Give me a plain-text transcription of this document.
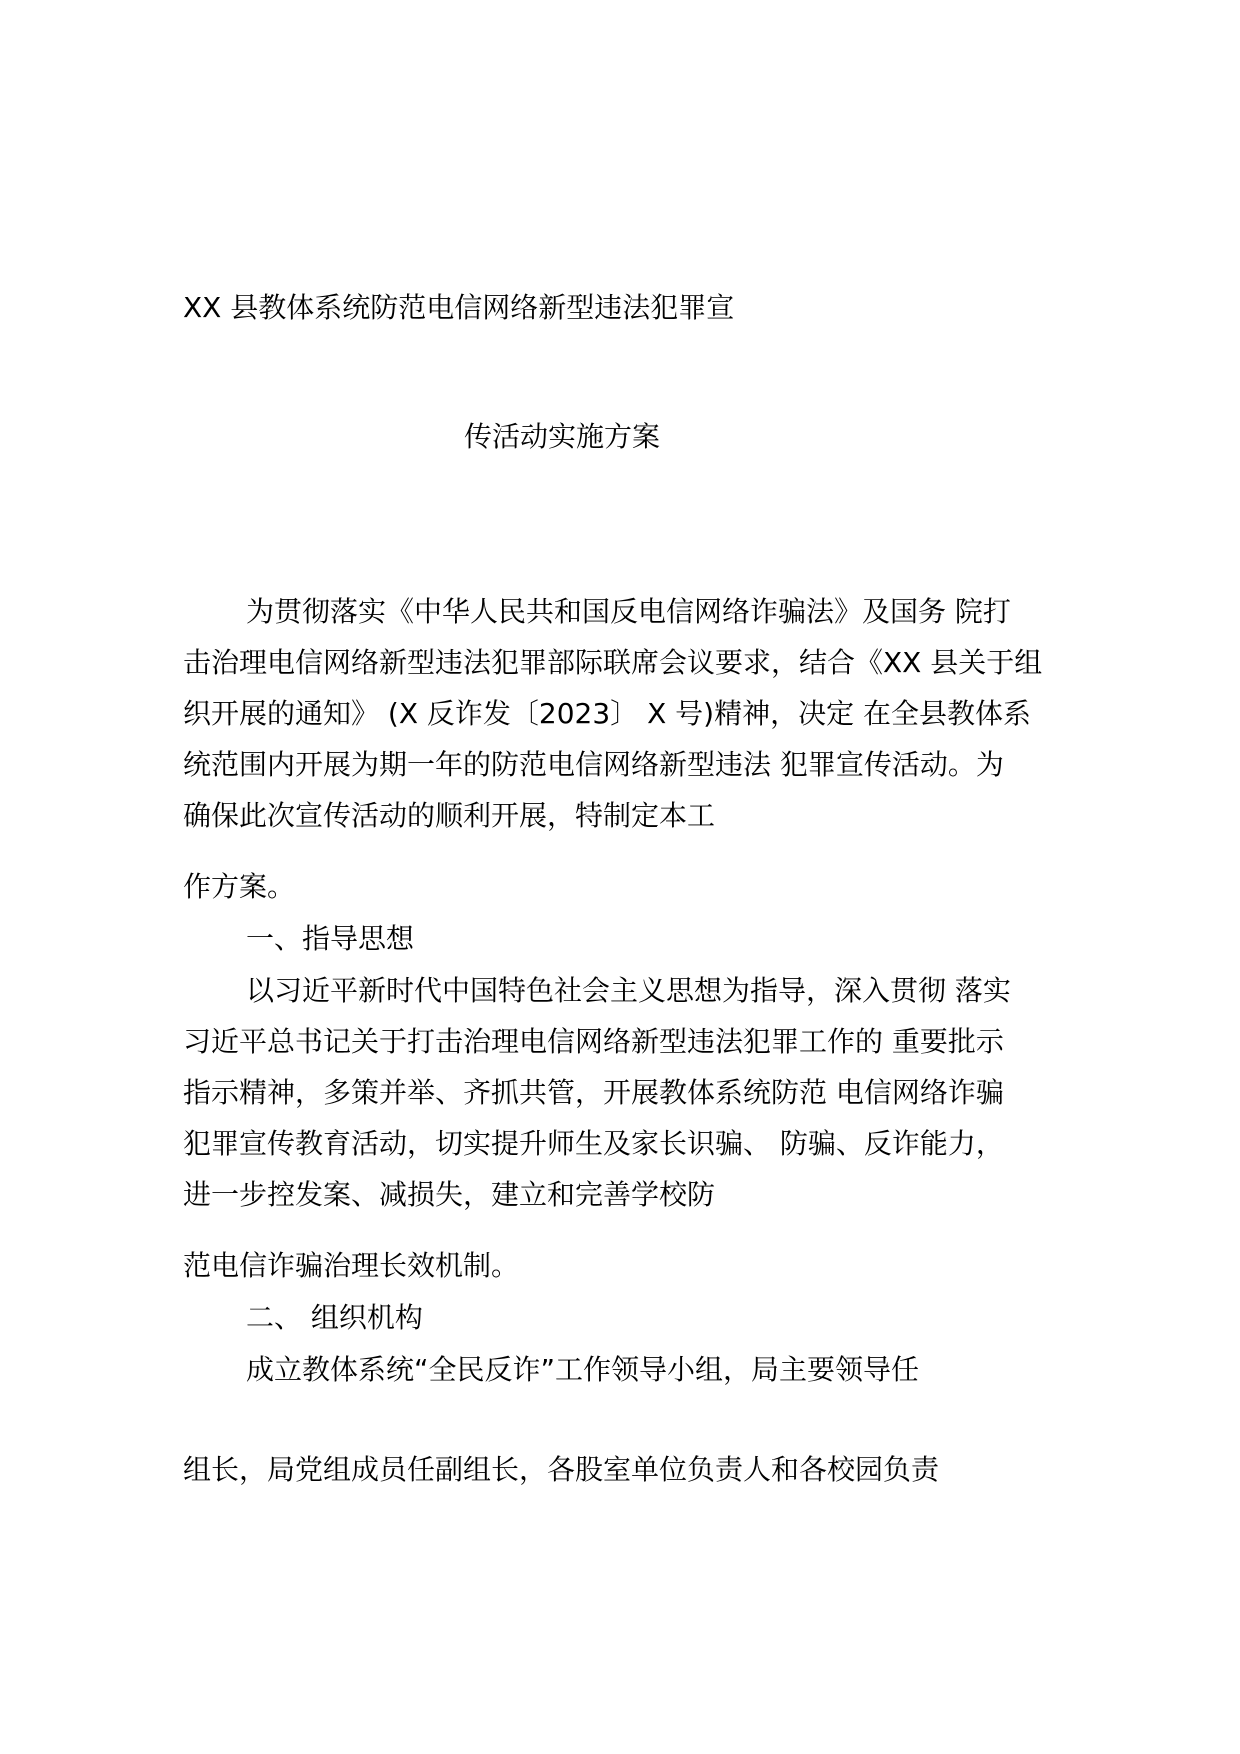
XX 县教体系统防范电信网络新型违法犯罪宣

传活动实施方案

为贯彻落实《中华人民共和国反电信网络诈骗法》及国务 院打

击治理电信网络新型违法犯罪部际联席会议要求，结合《XX 县关于组

织开展的通知》 (X 反诈发〔2023〕 X 号)精神，决定 在全县教体系

统范围内开展为期一年的防范电信网络新型违法 犯罪宣传活动。为

确保此次宣传活动的顺利开展，特制定本工

作方案。

一、指导思想

以习近平新时代中国特色社会主义思想为指导，深入贯彻 落实

习近平总书记关于打击治理电信网络新型违法犯罪工作的 重要批示

指示精神，多策并举、齐抓共管，开展教体系统防范 电信网络诈骗

犯罪宣传教育活动，切实提升师生及家长识骗、 防骗、反诈能力，

进一步控发案、减损失，建立和完善学校防

范电信诈骗治理长效机制。

二、 组织机构

成立教体系统“全民反诈”工作领导小组，局主要领导任

组长，局党组成员任副组长，各股室单位负责人和各校园负责
